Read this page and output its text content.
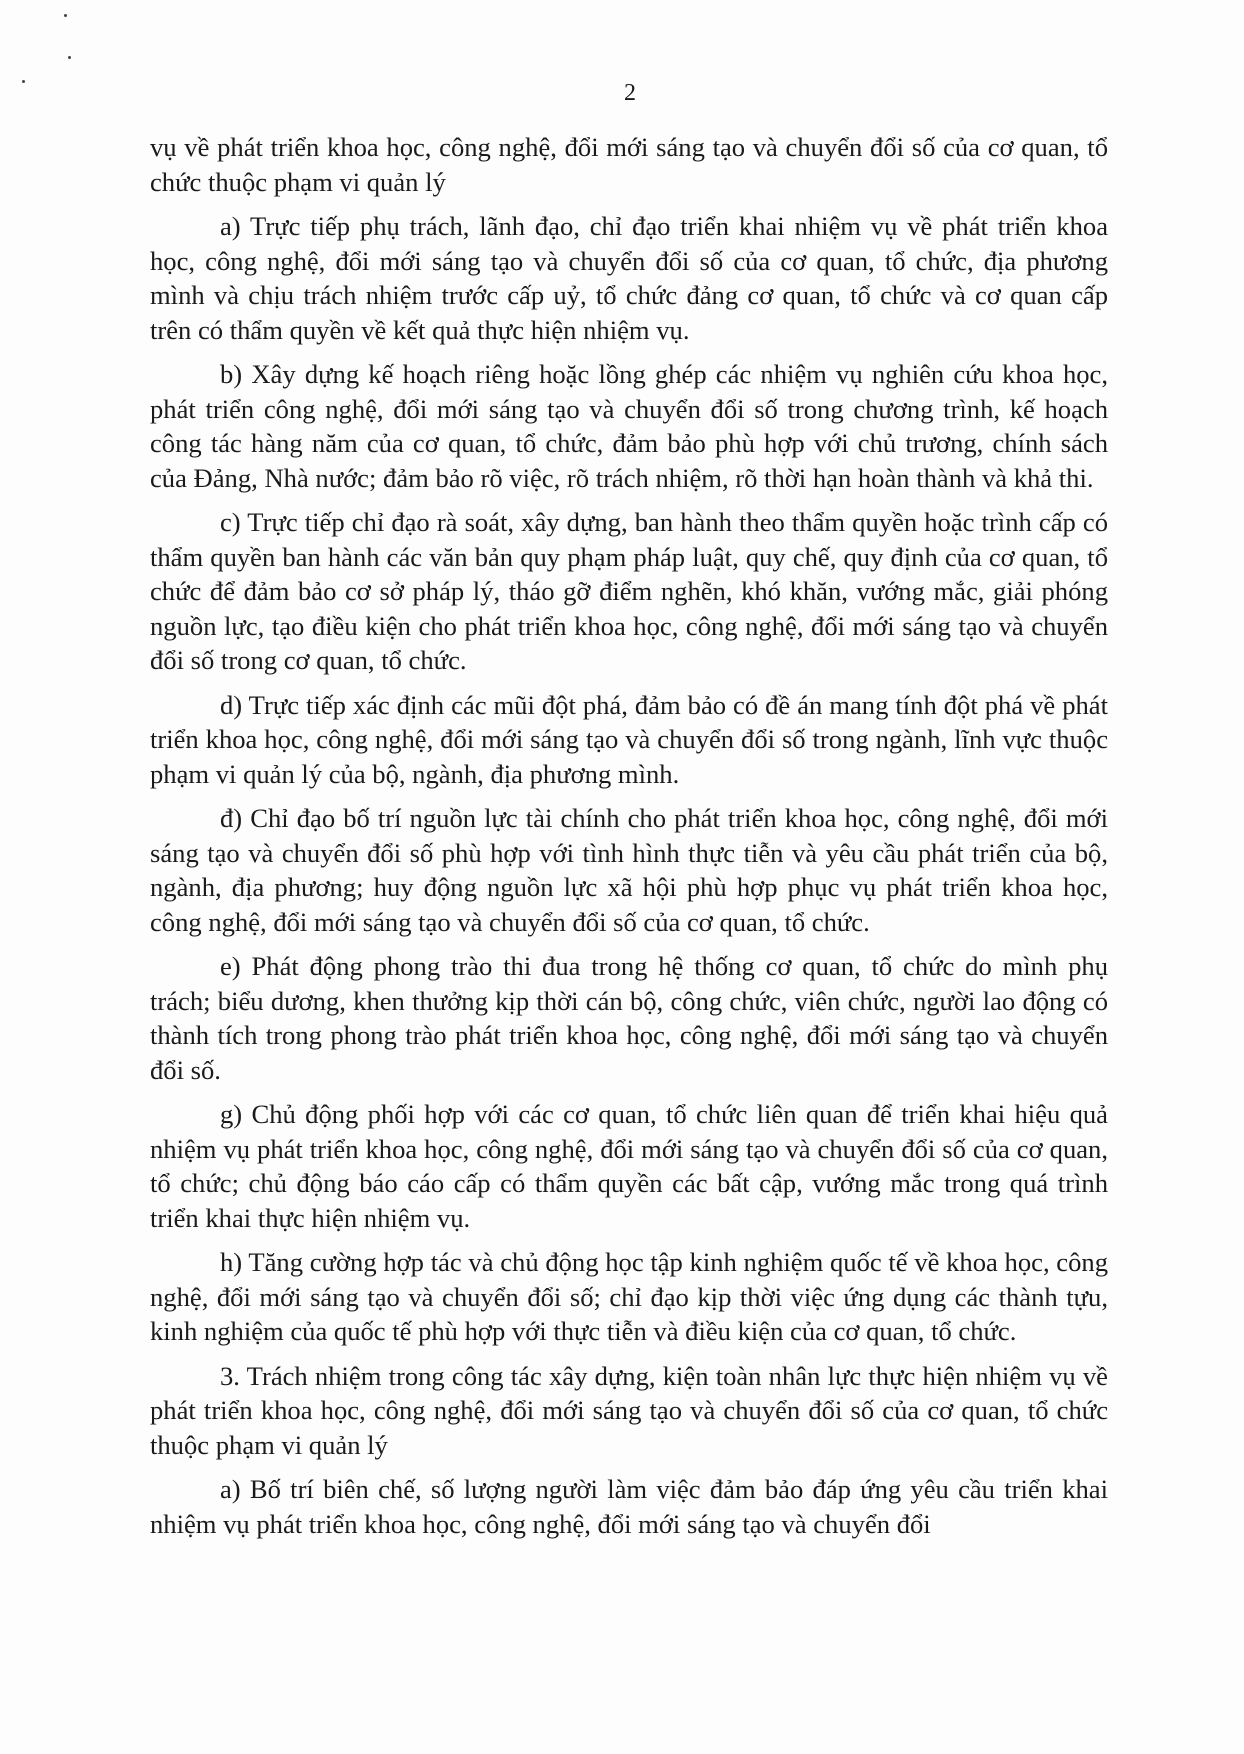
2

vụ về phát triển khoa học, công nghệ, đổi mới sáng tạo và chuyển đổi số của cơ quan, tổ chức thuộc phạm vi quản lý

a) Trực tiếp phụ trách, lãnh đạo, chỉ đạo triển khai nhiệm vụ về phát triển khoa học, công nghệ, đổi mới sáng tạo và chuyển đổi số của cơ quan, tổ chức, địa phương mình và chịu trách nhiệm trước cấp uỷ, tổ chức đảng cơ quan, tổ chức và cơ quan cấp trên có thẩm quyền về kết quả thực hiện nhiệm vụ.

b) Xây dựng kế hoạch riêng hoặc lồng ghép các nhiệm vụ nghiên cứu khoa học, phát triển công nghệ, đổi mới sáng tạo và chuyển đổi số trong chương trình, kế hoạch công tác hàng năm của cơ quan, tổ chức, đảm bảo phù hợp với chủ trương, chính sách của Đảng, Nhà nước; đảm bảo rõ việc, rõ trách nhiệm, rõ thời hạn hoàn thành và khả thi.

c) Trực tiếp chỉ đạo rà soát, xây dựng, ban hành theo thẩm quyền hoặc trình cấp có thẩm quyền ban hành các văn bản quy phạm pháp luật, quy chế, quy định của cơ quan, tổ chức để đảm bảo cơ sở pháp lý, tháo gỡ điểm nghẽn, khó khăn, vướng mắc, giải phóng nguồn lực, tạo điều kiện cho phát triển khoa học, công nghệ, đổi mới sáng tạo và chuyển đổi số trong cơ quan, tổ chức.

d) Trực tiếp xác định các mũi đột phá, đảm bảo có đề án mang tính đột phá về phát triển khoa học, công nghệ, đổi mới sáng tạo và chuyển đổi số trong ngành, lĩnh vực thuộc phạm vi quản lý của bộ, ngành, địa phương mình.

đ) Chỉ đạo bố trí nguồn lực tài chính cho phát triển khoa học, công nghệ, đổi mới sáng tạo và chuyển đổi số phù hợp với tình hình thực tiễn và yêu cầu phát triển của bộ, ngành, địa phương; huy động nguồn lực xã hội phù hợp phục vụ phát triển khoa học, công nghệ, đổi mới sáng tạo và chuyển đổi số của cơ quan, tổ chức.

e) Phát động phong trào thi đua trong hệ thống cơ quan, tổ chức do mình phụ trách; biểu dương, khen thưởng kịp thời cán bộ, công chức, viên chức, người lao động có thành tích trong phong trào phát triển khoa học, công nghệ, đổi mới sáng tạo và chuyển đổi số.

g) Chủ động phối hợp với các cơ quan, tổ chức liên quan để triển khai hiệu quả nhiệm vụ phát triển khoa học, công nghệ, đổi mới sáng tạo và chuyển đổi số của cơ quan, tổ chức; chủ động báo cáo cấp có thẩm quyền các bất cập, vướng mắc trong quá trình triển khai thực hiện nhiệm vụ.

h) Tăng cường hợp tác và chủ động học tập kinh nghiệm quốc tế về khoa học, công nghệ, đổi mới sáng tạo và chuyển đổi số; chỉ đạo kịp thời việc ứng dụng các thành tựu, kinh nghiệm của quốc tế phù hợp với thực tiễn và điều kiện của cơ quan, tổ chức.

3. Trách nhiệm trong công tác xây dựng, kiện toàn nhân lực thực hiện nhiệm vụ về phát triển khoa học, công nghệ, đổi mới sáng tạo và chuyển đổi số của cơ quan, tổ chức thuộc phạm vi quản lý

a) Bố trí biên chế, số lượng người làm việc đảm bảo đáp ứng yêu cầu triển khai nhiệm vụ phát triển khoa học, công nghệ, đổi mới sáng tạo và chuyển đổi
